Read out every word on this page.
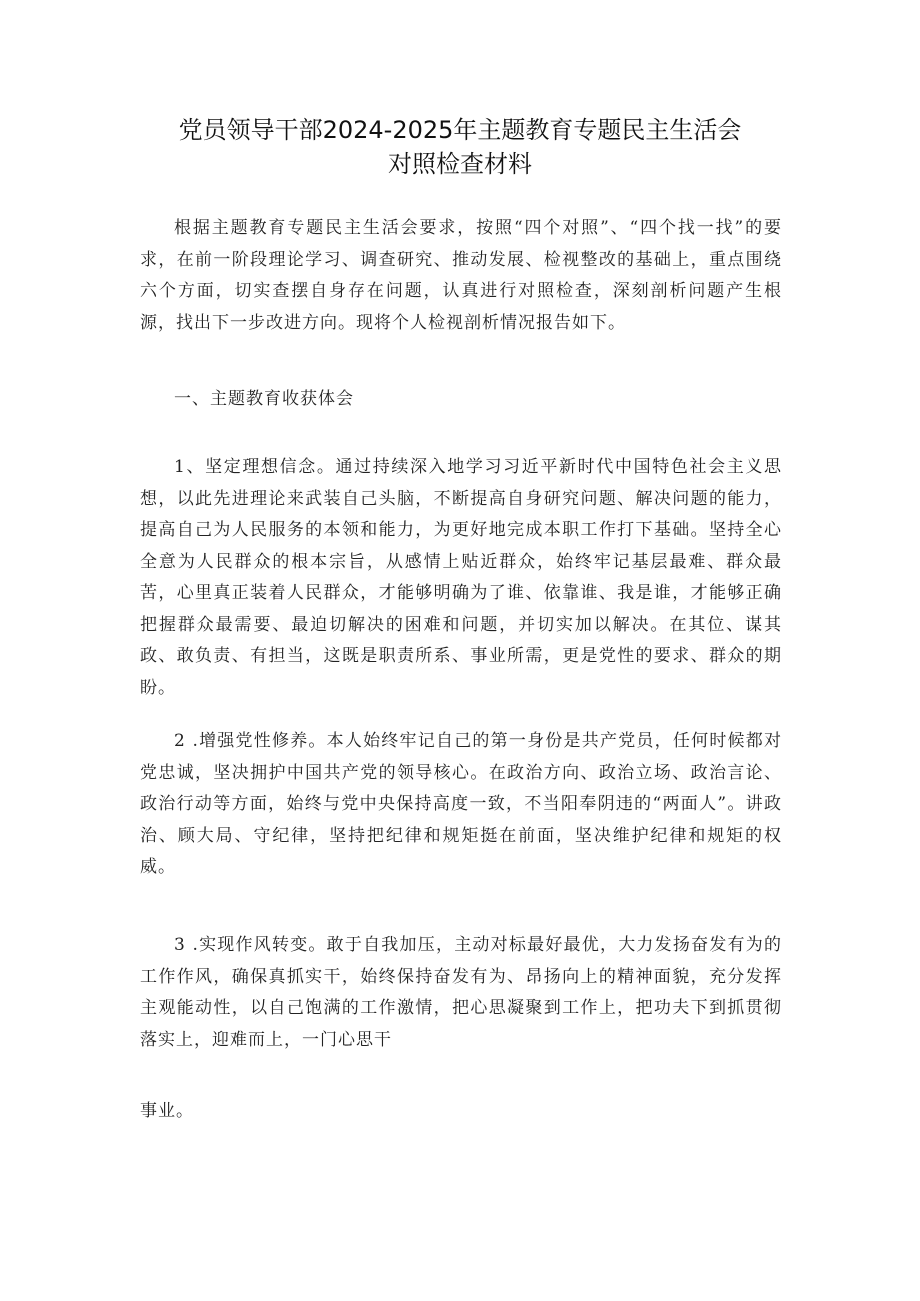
党员领导干部2024-2025年主题教育专题民主生活会
对照检查材料

根据主题教育专题民主生活会要求，按照“四个对照”、“四个找一找”的要求，在前一阶段理论学习、调查研究、推动发展、检视整改的基础上，重点围绕六个方面，切实查摆自身存在问题，认真进行对照检查，深刻剖析问题产生根源，找出下一步改进方向。现将个人检视剖析情况报告如下。

一、主题教育收获体会

1、坚定理想信念。通过持续深入地学习习近平新时代中国特色社会主义思想，以此先进理论来武装自己头脑，不断提高自身研究问题、解决问题的能力，提高自己为人民服务的本领和能力，为更好地完成本职工作打下基础。坚持全心全意为人民群众的根本宗旨，从感情上贴近群众，始终牢记基层最难、群众最苦，心里真正装着人民群众，才能够明确为了谁、依靠谁、我是谁，才能够正确把握群众最需要、最迫切解决的困难和问题，并切实加以解决。在其位、谋其政、敢负责、有担当，这既是职责所系、事业所需，更是党性的要求、群众的期盼。

2 .增强党性修养。本人始终牢记自己的第一身份是共产党员，任何时候都对党忠诚，坚决拥护中国共产党的领导核心。在政治方向、政治立场、政治言论、政治行动等方面，始终与党中央保持高度一致，不当阳奉阴违的“两面人”。讲政治、顾大局、守纪律，坚持把纪律和规矩挺在前面，坚决维护纪律和规矩的权威。

3 .实现作风转变。敢于自我加压，主动对标最好最优，大力发扬奋发有为的工作作风，确保真抓实干，始终保持奋发有为、昂扬向上的精神面貌，充分发挥主观能动性，以自己饱满的工作激情，把心思凝聚到工作上，把功夫下到抓贯彻落实上，迎难而上，一门心思干

事业。
